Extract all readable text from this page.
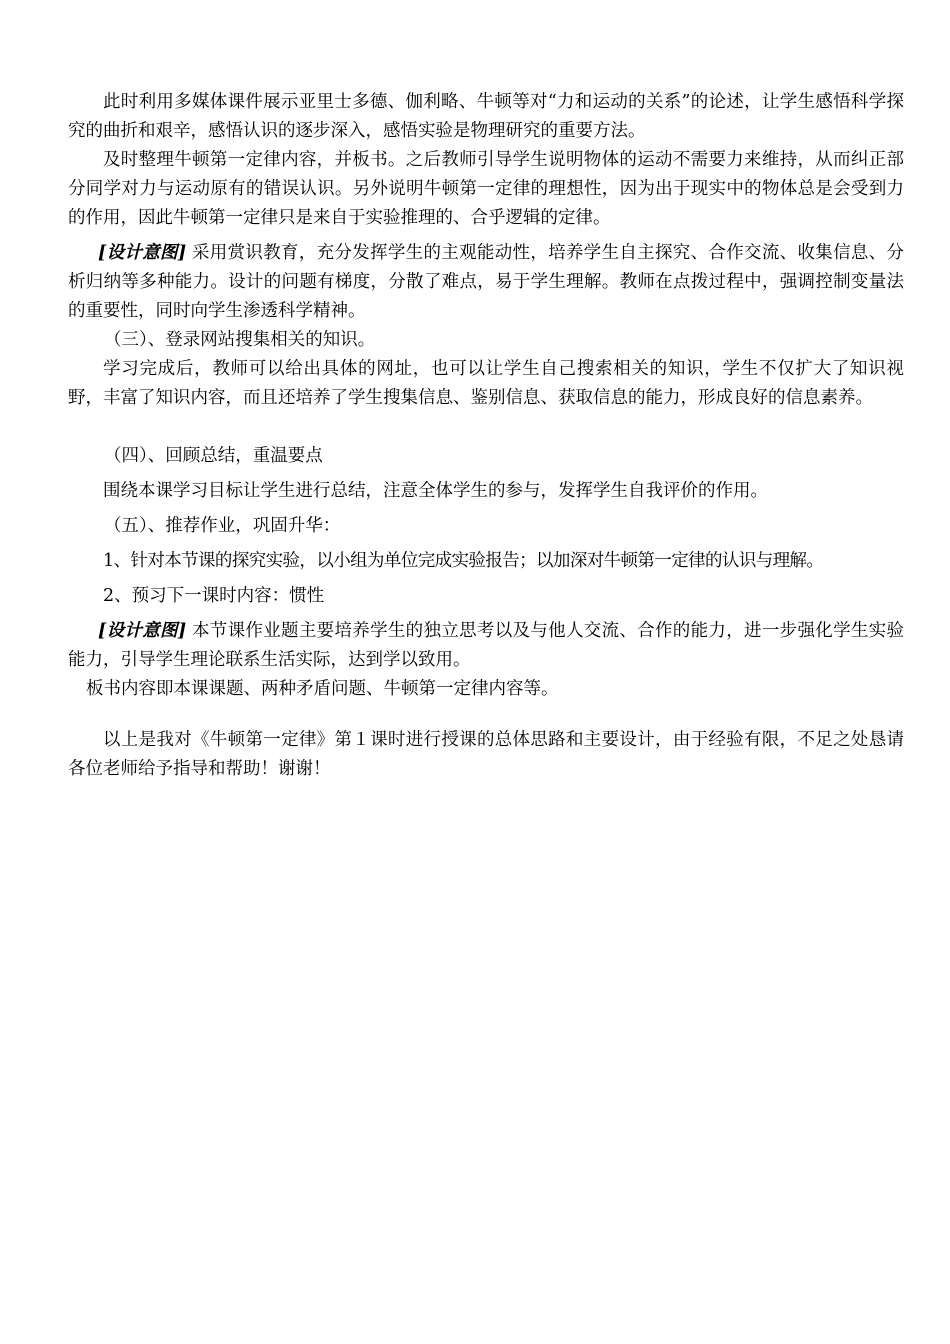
此时利用多媒体课件展示亚里士多德、伽利略、牛顿等对“力和运动的关系”的论述，让学生感悟科学探究的曲折和艰辛，感悟认识的逐步深入，感悟实验是物理研究的重要方法。

及时整理牛顿第一定律内容，并板书。之后教师引导学生说明物体的运动不需要力来维持，从而纠正部分同学对力与运动原有的错误认识。另外说明牛顿第一定律的理想性，因为出于现实中的物体总是会受到力的作用，因此牛顿第一定律只是来自于实验推理的、合乎逻辑的定律。

[设计意图] 采用赏识教育，充分发挥学生的主观能动性，培养学生自主探究、合作交流、收集信息、分析归纳等多种能力。设计的问题有梯度，分散了难点，易于学生理解。教师在点拨过程中，强调控制变量法的重要性，同时向学生渗透科学精神。

（三）、登录网站搜集相关的知识。

学习完成后，教师可以给出具体的网址，也可以让学生自己搜索相关的知识，学生不仅扩大了知识视野，丰富了知识内容，而且还培养了学生搜集信息、鉴别信息、获取信息的能力，形成良好的信息素养。

（四）、回顾总结，重温要点

围绕本课学习目标让学生进行总结，注意全体学生的参与，发挥学生自我评价的作用。

（五）、推荐作业，巩固升华：

1、针对本节课的探究实验，以小组为单位完成实验报告；以加深对牛顿第一定律的认识与理解。

2、预习下一课时内容：惯性

[设计意图] 本节课作业题主要培养学生的独立思考以及与他人交流、合作的能力，进一步强化学生实验能力，引导学生理论联系生活实际，达到学以致用。

板书内容即本课课题、两种矛盾问题、牛顿第一定律内容等。

以上是我对《牛顿第一定律》第１课时进行授课的总体思路和主要设计，由于经验有限，不足之处恳请各位老师给予指导和帮助！谢谢！
